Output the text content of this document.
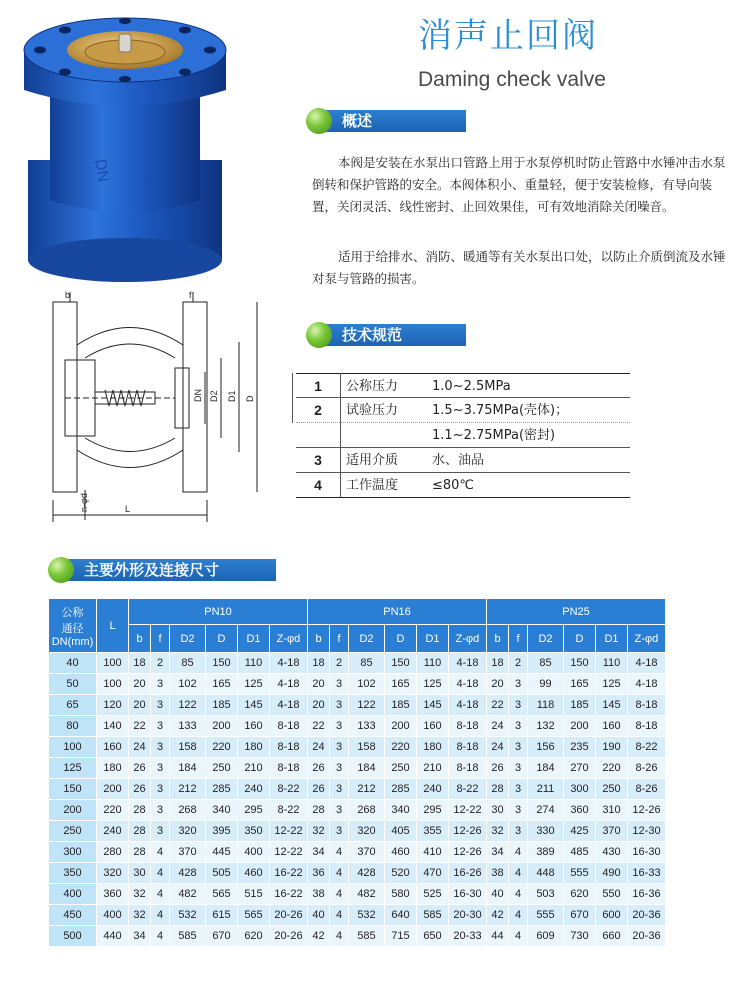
消声止回阀
Daming check valve
1.0
DN
DN D2 D1 D
n-φd	L
b	f
概述
本阀是安装在水泵出口管路上用于水泵停机时防止管路中水锤冲击水泵倒转和保护管路的安全。本阀体积小、重量轻，便于安装检修，有导向装置，关闭灵活、线性密封、止回效果佳，可有效地消除关闭噪音。
适用于给排水、消防、暖通等有关水泵出口处，以防止介质倒流及水锤对泵与管路的损害。
技术规范
1	公称压力	1.0~2.5MPa
2	试验压力	1.5~3.75MPa(壳体)；
1.1~2.75MPa(密封)
3	适用介质	水、油品
4	工作温度	≤80℃
主要外形及连接尺寸
公称
通径
DN(mm)	L	PN10						PN16						PN25					
		b	f	D2	D	D1	Z-φd	b	f	D2	D	D1	Z-φd	b	f	D2	D	D1	Z-φd
40	100	18	2	85	150	110	4-18	18	2	85	150	110	4-18	18	2	85	150	110	4-18
50	100	20	3	102	165	125	4-18	20	3	102	165	125	4-18	20	3	99	165	125	4-18
65	120	20	3	122	185	145	4-18	20	3	122	185	145	4-18	22	3	118	185	145	8-18
80	140	22	3	133	200	160	8-18	22	3	133	200	160	8-18	24	3	132	200	160	8-18
100	160	24	3	158	220	180	8-18	24	3	158	220	180	8-18	24	3	156	235	190	8-22
125	180	26	3	184	250	210	8-18	26	3	184	250	210	8-18	26	3	184	270	220	8-26
150	200	26	3	212	285	240	8-22	26	3	212	285	240	8-22	28	3	211	300	250	8-26
200	220	28	3	268	340	295	8-22	28	3	268	340	295	12-22	30	3	274	360	310	12-26
250	240	28	3	320	395	350	12-22	32	3	320	405	355	12-26	32	3	330	425	370	12-30
300	280	28	4	370	445	400	12-22	34	4	370	460	410	12-26	34	4	389	485	430	16-30
350	320	30	4	428	505	460	16-22	36	4	428	520	470	16-26	38	4	448	555	490	16-33
400	360	32	4	482	565	515	16-22	38	4	482	580	525	16-30	40	4	503	620	550	16-36
450	400	32	4	532	615	565	20-26	40	4	532	640	585	20-30	42	4	555	670	600	20-36
500	440	34	4	585	670	620	20-26	42	4	585	715	650	20-33	44	4	609	730	660	20-36
